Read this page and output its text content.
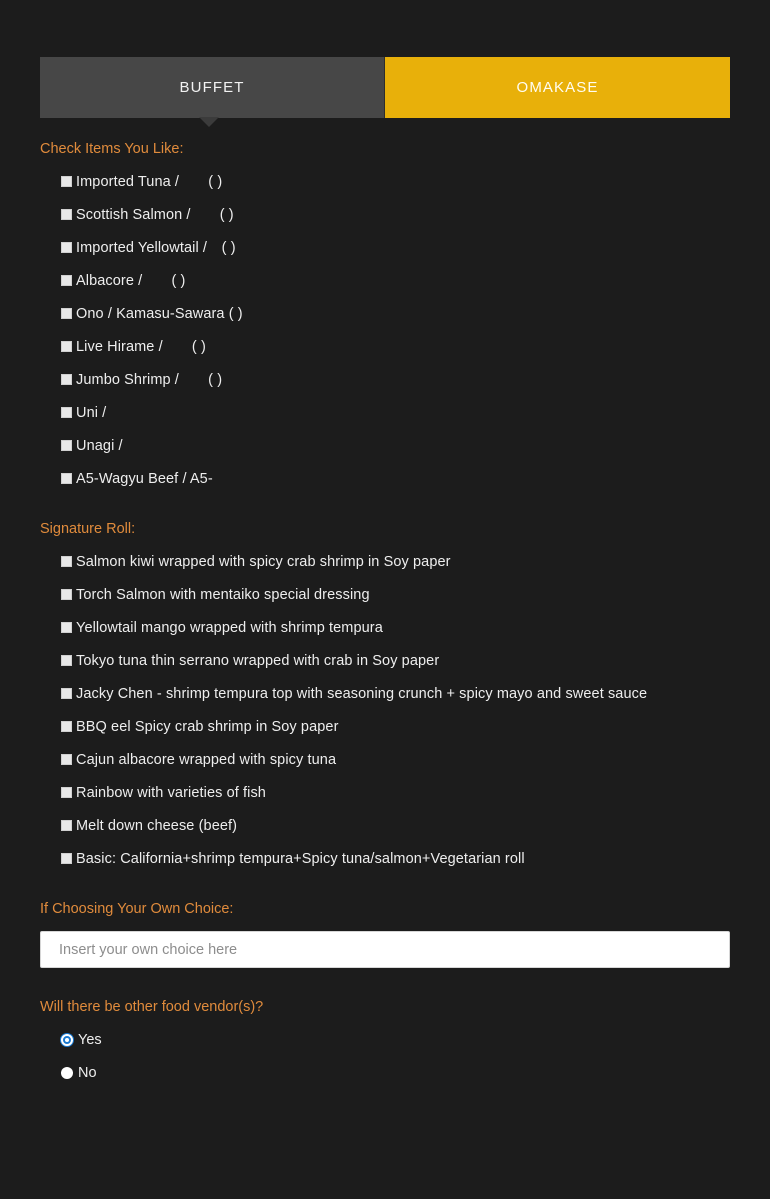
BUFFET	OMAKASE

Check Items You Like:

Imported Tuna /  ( )
Scottish Salmon /  ( )
Imported Yellowtail / ( )
Albacore /  ( )
Ono / Kamasu-Sawara ( )
Live Hirame /  ( )
Jumbo Shrimp /  ( )
Uni /
Unagi /
A5-Wagyu Beef / A5-

Signature Roll:

Salmon kiwi wrapped with spicy crab shrimp in Soy paper
Torch Salmon with mentaiko special dressing
Yellowtail mango wrapped with shrimp tempura
Tokyo tuna thin serrano wrapped with crab in Soy paper
Jacky Chen - shrimp tempura top with seasoning crunch + spicy mayo and sweet sauce
BBQ eel Spicy crab shrimp in Soy paper
Cajun albacore wrapped with spicy tuna
Rainbow with varieties of fish
Melt down cheese (beef)
Basic: California+shrimp tempura+Spicy tuna/salmon+Vegetarian roll

If Choosing Your Own Choice:

Insert your own choice here

Will there be other food vendor(s)?

Yes
No
